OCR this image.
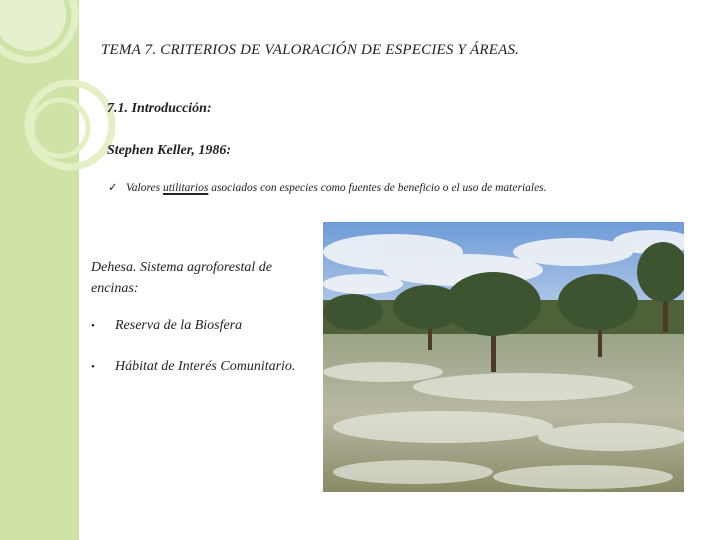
TEMA 7. CRITERIOS DE VALORACIÓN DE ESPECIES Y ÁREAS.
7.1. Introducción:
Stephen Keller, 1986:
✓ Valores utilitarios asociados con especies como fuentes de beneficio o el uso de materiales.
Dehesa. Sistema agroforestal de encinas:
• Reserva de la Biosfera
• Hábitat de Interés Comunitario.
